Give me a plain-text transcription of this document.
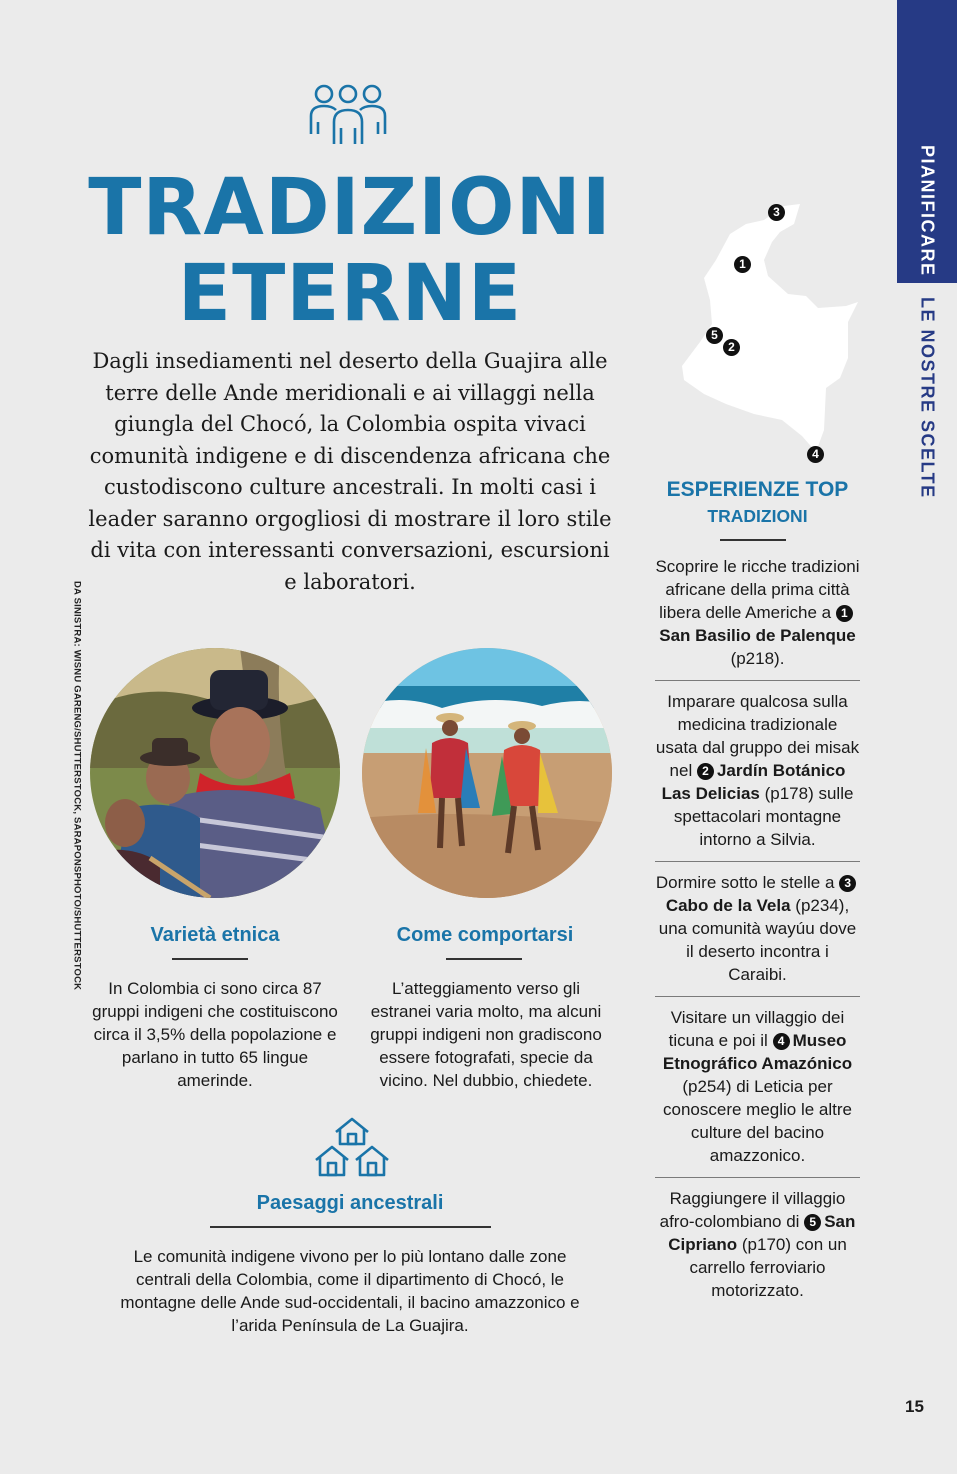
PIANIFICARE
LE NOSTRE SCELTE
DA SINISTRA: WISNU GARENG/SHUTTERSTOCK, SARAPONSPHOTO/SHUTTERSTOCK
TRADIZIONI
ETERNE
Dagli insediamenti nel deserto della Guajira alle terre delle Ande meridionali e ai villaggi nella giungla del Chocó, la Colombia ospita vivaci comunità indigene e di discendenza africana che custodiscono culture ancestrali. In molti casi i leader saranno orgogliosi di mostrare il loro stile di vita con interessanti conversazioni, escursioni e laboratori.
Varietà etnica
In Colombia ci sono circa 87 gruppi indigeni che costituiscono circa il 3,5% della popolazione e parlano in tutto 65 lingue amerinde.
Come comportarsi
L’atteggiamento verso gli estranei varia molto, ma alcuni gruppi indigeni non gradiscono essere fotografati, specie da vicino. Nel dubbio, chiedete.
Paesaggi ancestrali
Le comunità indigene vivono per lo più lontano dalle zone centrali della Colombia, come il dipartimento di Chocó, le montagne delle Ande sud-occidentali, il bacino amazzonico e l’arida Península de La Guajira.
3
1
5
2
4
ESPERIENZE TOP
TRADIZIONI
Scoprire le ricche tradizioni africane della prima città libera delle Americhe a 1San Basilio de Palenque (p218).
Imparare qualcosa sulla medicina tradizionale usata dal gruppo dei misak nel 2 Jardín Botánico Las Delicias (p178) sulle spettacolari montagne intorno a Silvia.
Dormire sotto le stelle a 3Cabo de la Vela (p234), una comunità wayúu dove il deserto incontra i Caraibi.
Visitare un villaggio dei ticuna e poi il 4 Museo Etnográfico Amazónico (p254) di Leticia per conoscere meglio le altre culture del bacino amazzonico.
Raggiungere il villaggio afro-colombiano di 5 San Cipriano (p170) con un carrello ferroviario motorizzato.
15
